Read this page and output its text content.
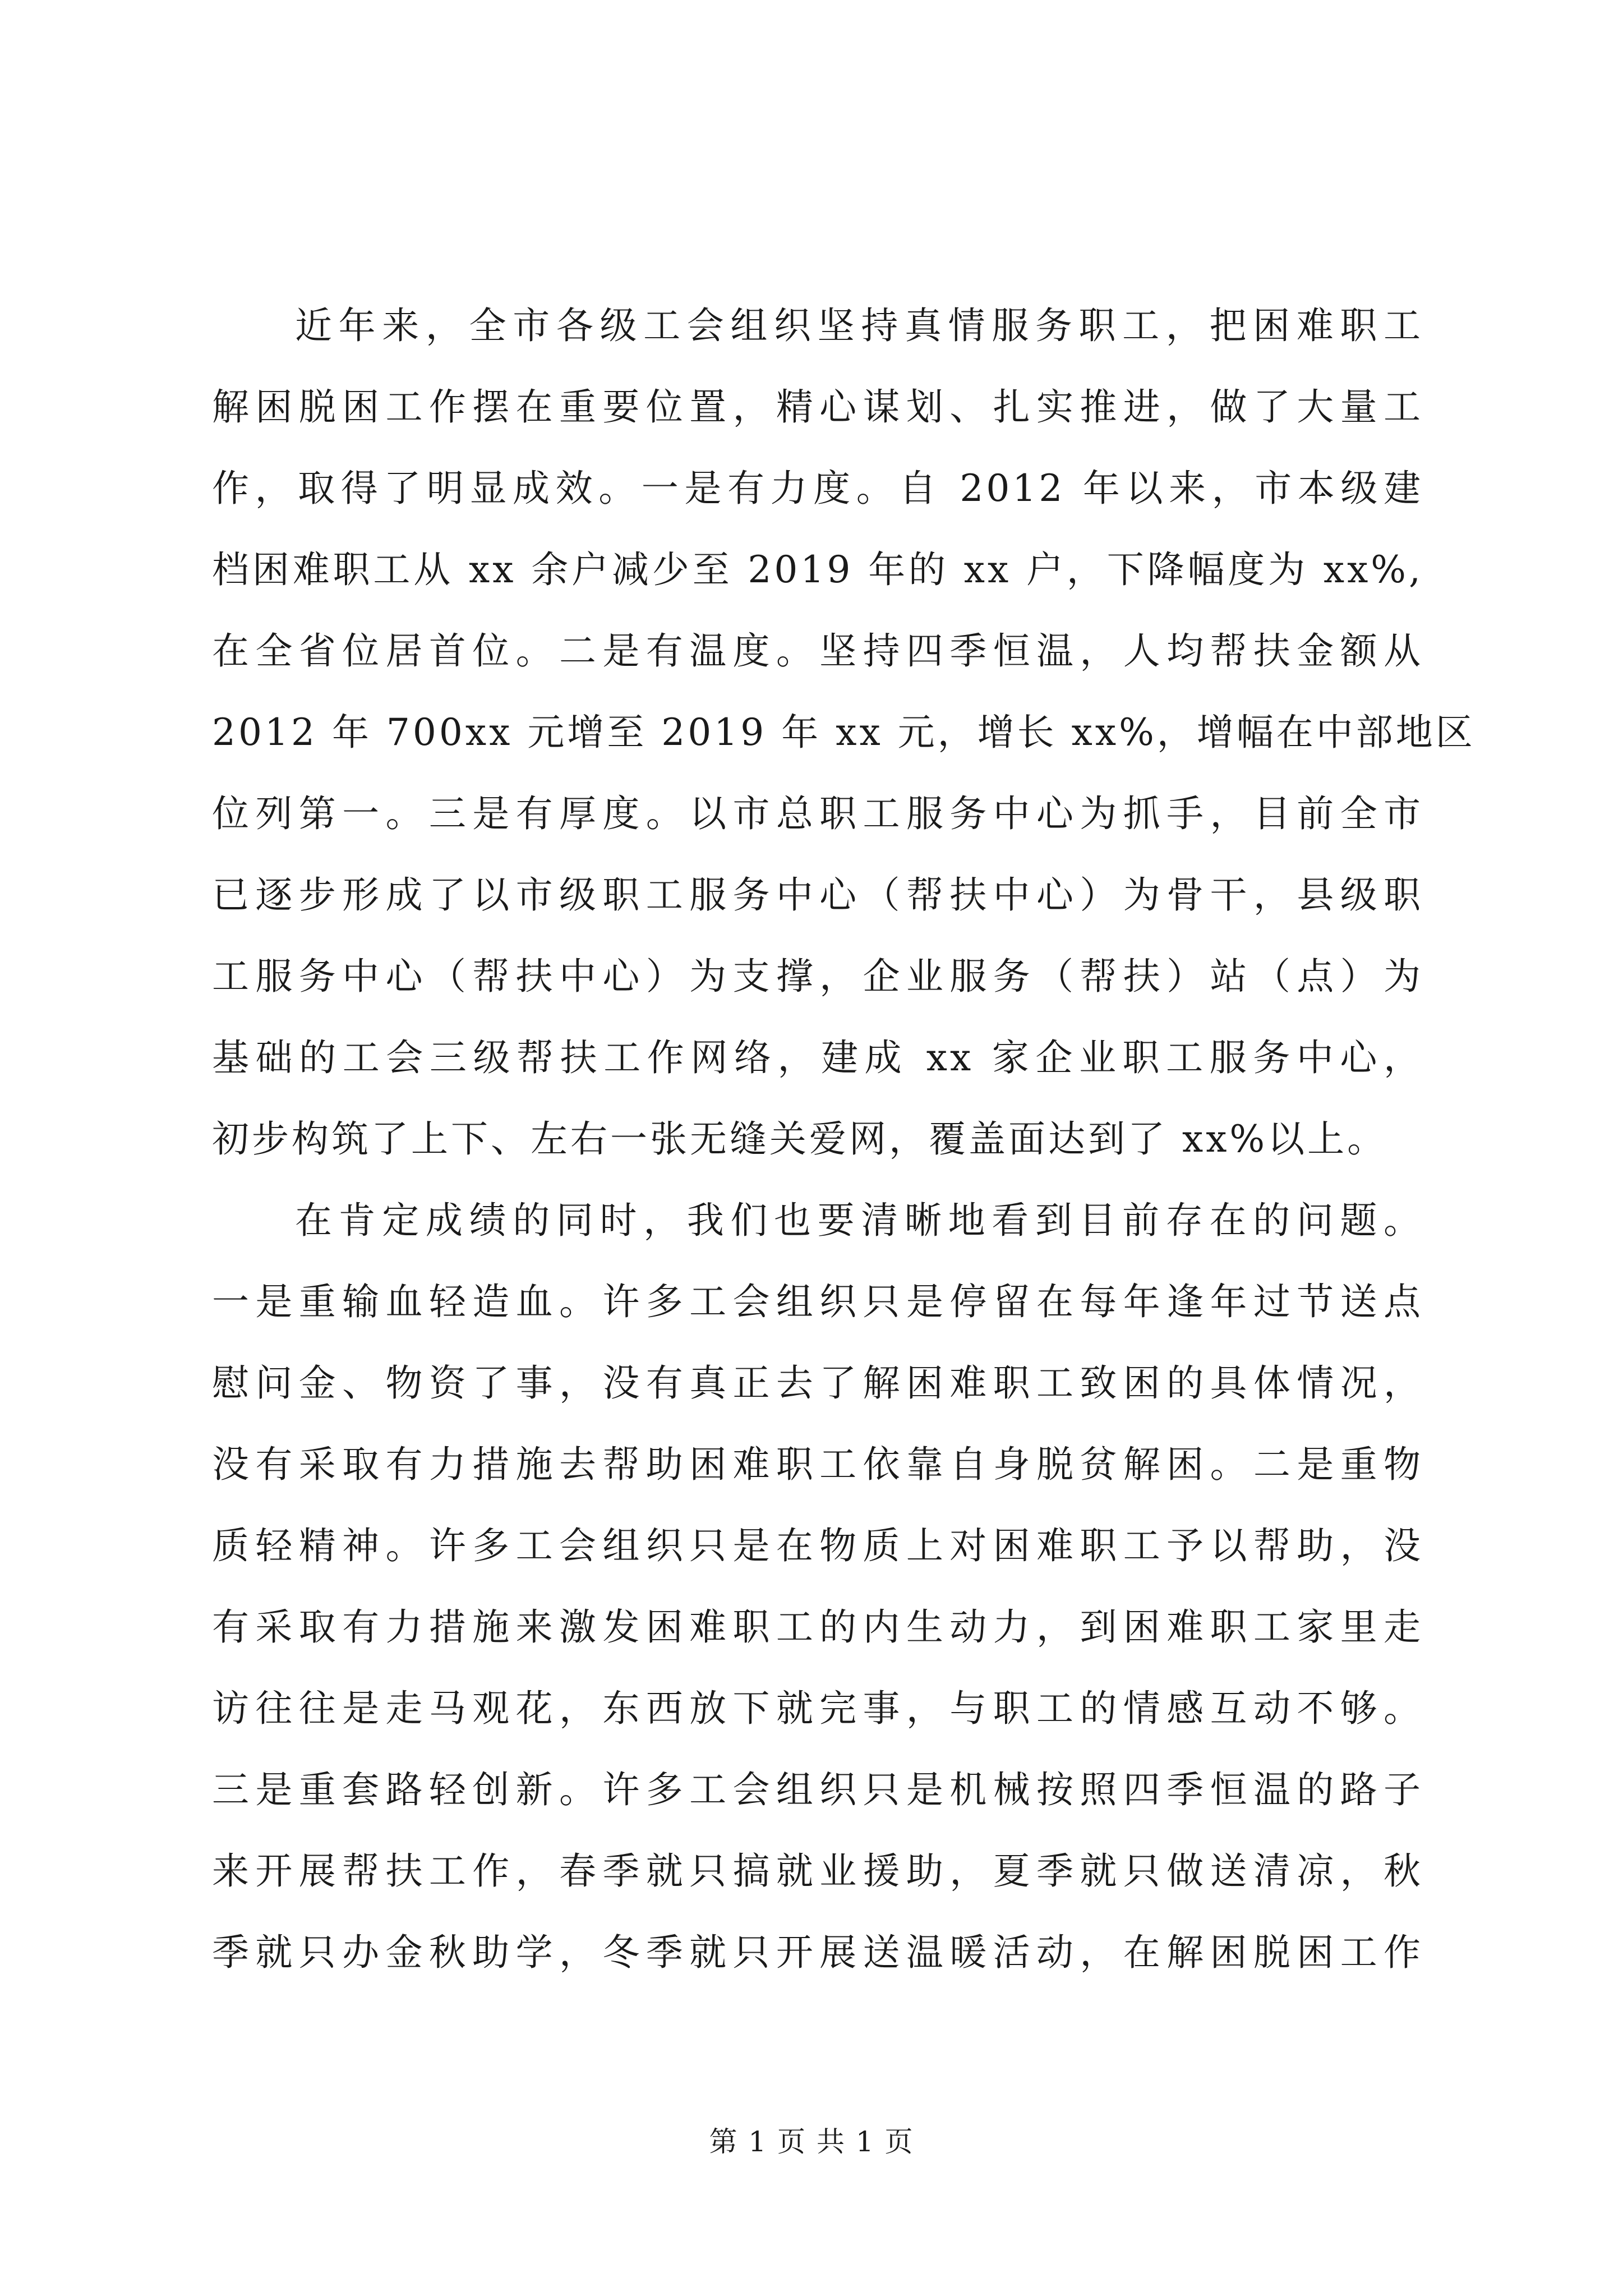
近年来，全市各级工会组织坚持真情服务职工，把困难职工
解困脱困工作摆在重要位置，精心谋划、扎实推进，做了大量工
作，取得了明显成效。一是有力度。自 2012 年以来，市本级建
档困难职工从 xx 余户减少至 2019 年的 xx 户，下降幅度为 xx%,
在全省位居首位。二是有温度。坚持四季恒温，人均帮扶金额从
2012 年 700xx 元增至 2019 年 xx 元，增长 xx%，增幅在中部地区
位列第一。三是有厚度。以市总职工服务中心为抓手，目前全市
已逐步形成了以市级职工服务中心（帮扶中心）为骨干，县级职
工服务中心（帮扶中心）为支撑，企业服务（帮扶）站（点）为
基础的工会三级帮扶工作网络，建成 xx 家企业职工服务中心，
初步构筑了上下、左右一张无缝关爱网，覆盖面达到了 xx%以上。
在肯定成绩的同时，我们也要清晰地看到目前存在的问题。
一是重输血轻造血。许多工会组织只是停留在每年逢年过节送点
慰问金、物资了事，没有真正去了解困难职工致困的具体情况，
没有采取有力措施去帮助困难职工依靠自身脱贫解困。二是重物
质轻精神。许多工会组织只是在物质上对困难职工予以帮助，没
有采取有力措施来激发困难职工的内生动力，到困难职工家里走
访往往是走马观花，东西放下就完事，与职工的情感互动不够。
三是重套路轻创新。许多工会组织只是机械按照四季恒温的路子
来开展帮扶工作，春季就只搞就业援助，夏季就只做送清凉，秋
季就只办金秋助学，冬季就只开展送温暖活动，在解困脱困工作
第 1 页 共 1 页
